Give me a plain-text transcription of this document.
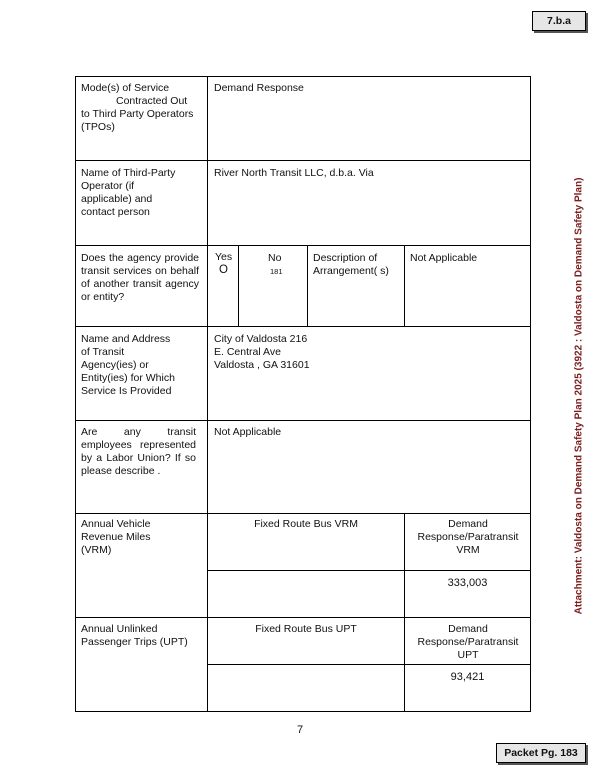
7.b.a
Attachment: Valdosta on Demand Safety Plan 2025 (3922 : Valdosta on Demand Safety Plan)
Mode(s) of Service
Contracted Out
to Third Party Operators (TPOs)
Demand Response
Name of Third-Party Operator (if applicable) and contact person
River North Transit LLC, d.b.a. Via
Does the agency provide transit services on behalf of another transit agency or entity?
Yes
O
No
181
Description of Arrangement( s)
Not Applicable
Name and Address of Transit Agency(ies) or Entity(ies) for Which Service Is Provided
City of Valdosta 216
E. Central Ave
Valdosta , GA 31601
Are any transit employees represented by a Labor Union? If so please describe .
Not Applicable
Annual Vehicle Revenue Miles (VRM)
Fixed Route Bus VRM	Demand Response/Paratransit VRM
333,003
Annual Unlinked Passenger Trips (UPT)
Fixed Route Bus UPT	Demand Response/Paratransit UPT
93,421
7
Packet Pg. 183
